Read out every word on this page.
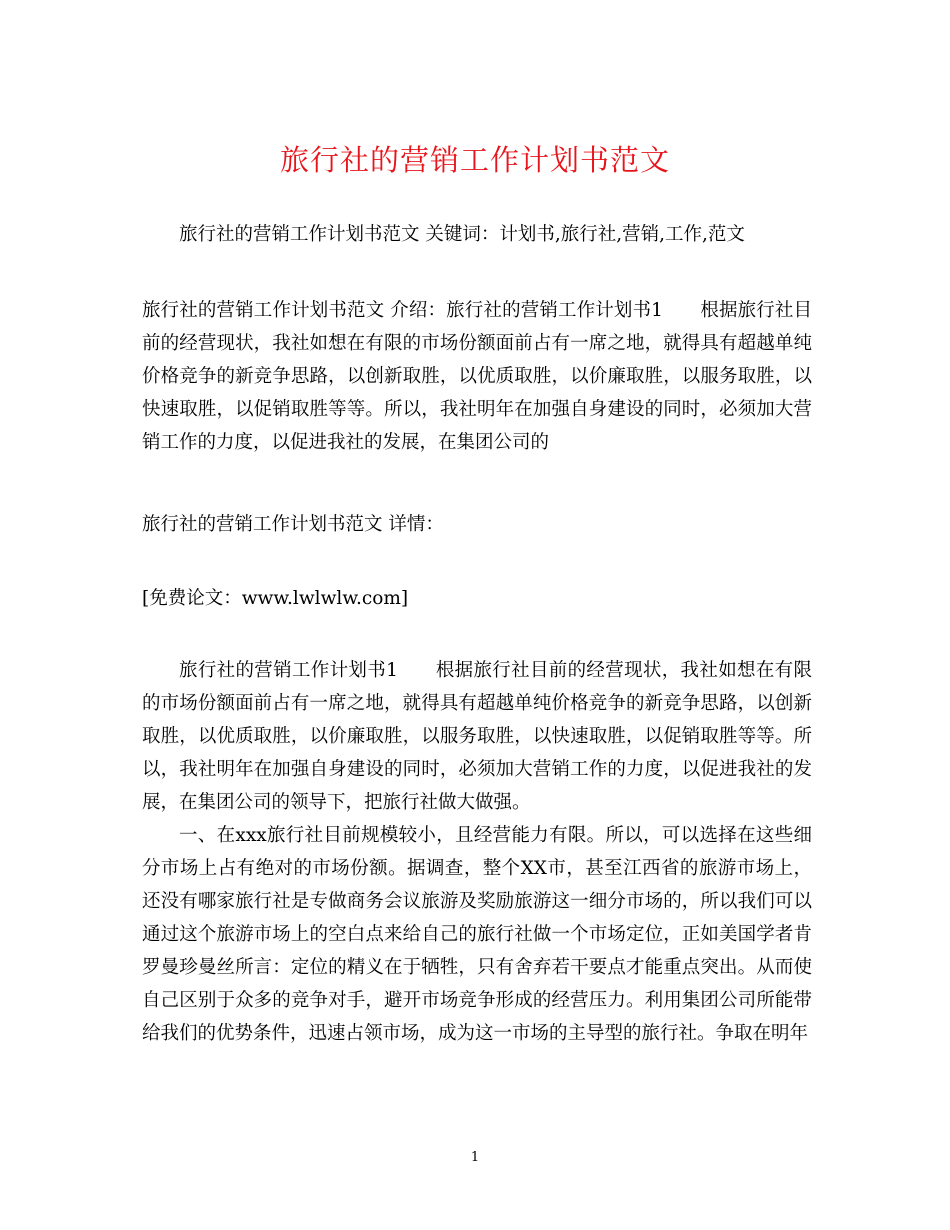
旅行社的营销工作计划书范文

旅行社的营销工作计划书范文 关键词：计划书,旅行社,营销,工作,范文

旅行社的营销工作计划书范文 介绍：旅行社的营销工作计划书1　　根据旅行社目前的经营现状，我社如想在有限的市场份额面前占有一席之地，就得具有超越单纯价格竞争的新竞争思路，以创新取胜，以优质取胜，以价廉取胜，以服务取胜，以快速取胜，以促销取胜等等。所以，我社明年在加强自身建设的同时，必须加大营销工作的力度，以促进我社的发展，在集团公司的

旅行社的营销工作计划书范文 详情：

[免费论文：www.lwlwlw.com]

旅行社的营销工作计划书1　　根据旅行社目前的经营现状，我社如想在有限的市场份额面前占有一席之地，就得具有超越单纯价格竞争的新竞争思路，以创新取胜，以优质取胜，以价廉取胜，以服务取胜，以快速取胜，以促销取胜等等。所以，我社明年在加强自身建设的同时，必须加大营销工作的力度，以促进我社的发展，在集团公司的领导下，把旅行社做大做强。

一、在xxx旅行社目前规模较小，且经营能力有限。所以，可以选择在这些细分市场上占有绝对的市场份额。据调查，整个XX市，甚至江西省的旅游市场上，还没有哪家旅行社是专做商务会议旅游及奖励旅游这一细分市场的，所以我们可以通过这个旅游市场上的空白点来给自己的旅行社做一个市场定位，正如美国学者肯罗曼珍曼丝所言：定位的精义在于牺牲，只有舍弃若干要点才能重点突出。从而使自己区别于众多的竞争对手，避开市场竞争形成的经营压力。利用集团公司所能带给我们的优势条件，迅速占领市场，成为这一市场的主导型的旅行社。争取在明年

1
